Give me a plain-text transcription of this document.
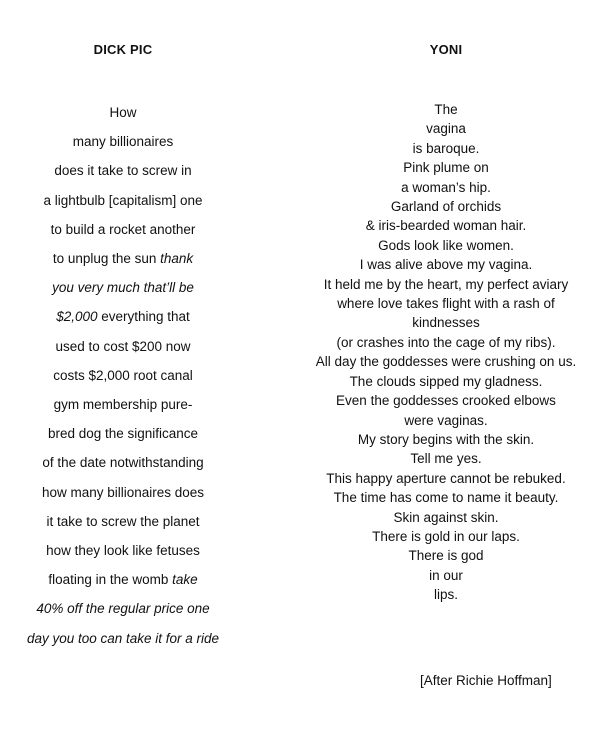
DICK PIC
How
many billionaires
does it take to screw in
a lightbulb [capitalism] one
to build a rocket another
to unplug the sun thank
you very much that’ll be
$2,000 everything that
used to cost $200 now
costs $2,000 root canal
gym membership pure-
bred dog the significance
of the date notwithstanding
how many billionaires does
it take to screw the planet
how they look like fetuses
floating in the womb take
40% off the regular price one
day you too can take it for a ride
YONI
The
vagina
is baroque.
Pink plume on
a woman’s hip.
Garland of orchids
& iris-bearded woman hair.
Gods look like women.
I was alive above my vagina.
It held me by the heart, my perfect aviary
where love takes flight with a rash of
kindnesses
(or crashes into the cage of my ribs).
All day the goddesses were crushing on us.
The clouds sipped my gladness.
Even the goddesses crooked elbows
were vaginas.
My story begins with the skin.
Tell me yes.
This happy aperture cannot be rebuked.
The time has come to name it beauty.
Skin against skin.
There is gold in our laps.
There is god
in our
lips.
[After Richie Hoffman]
